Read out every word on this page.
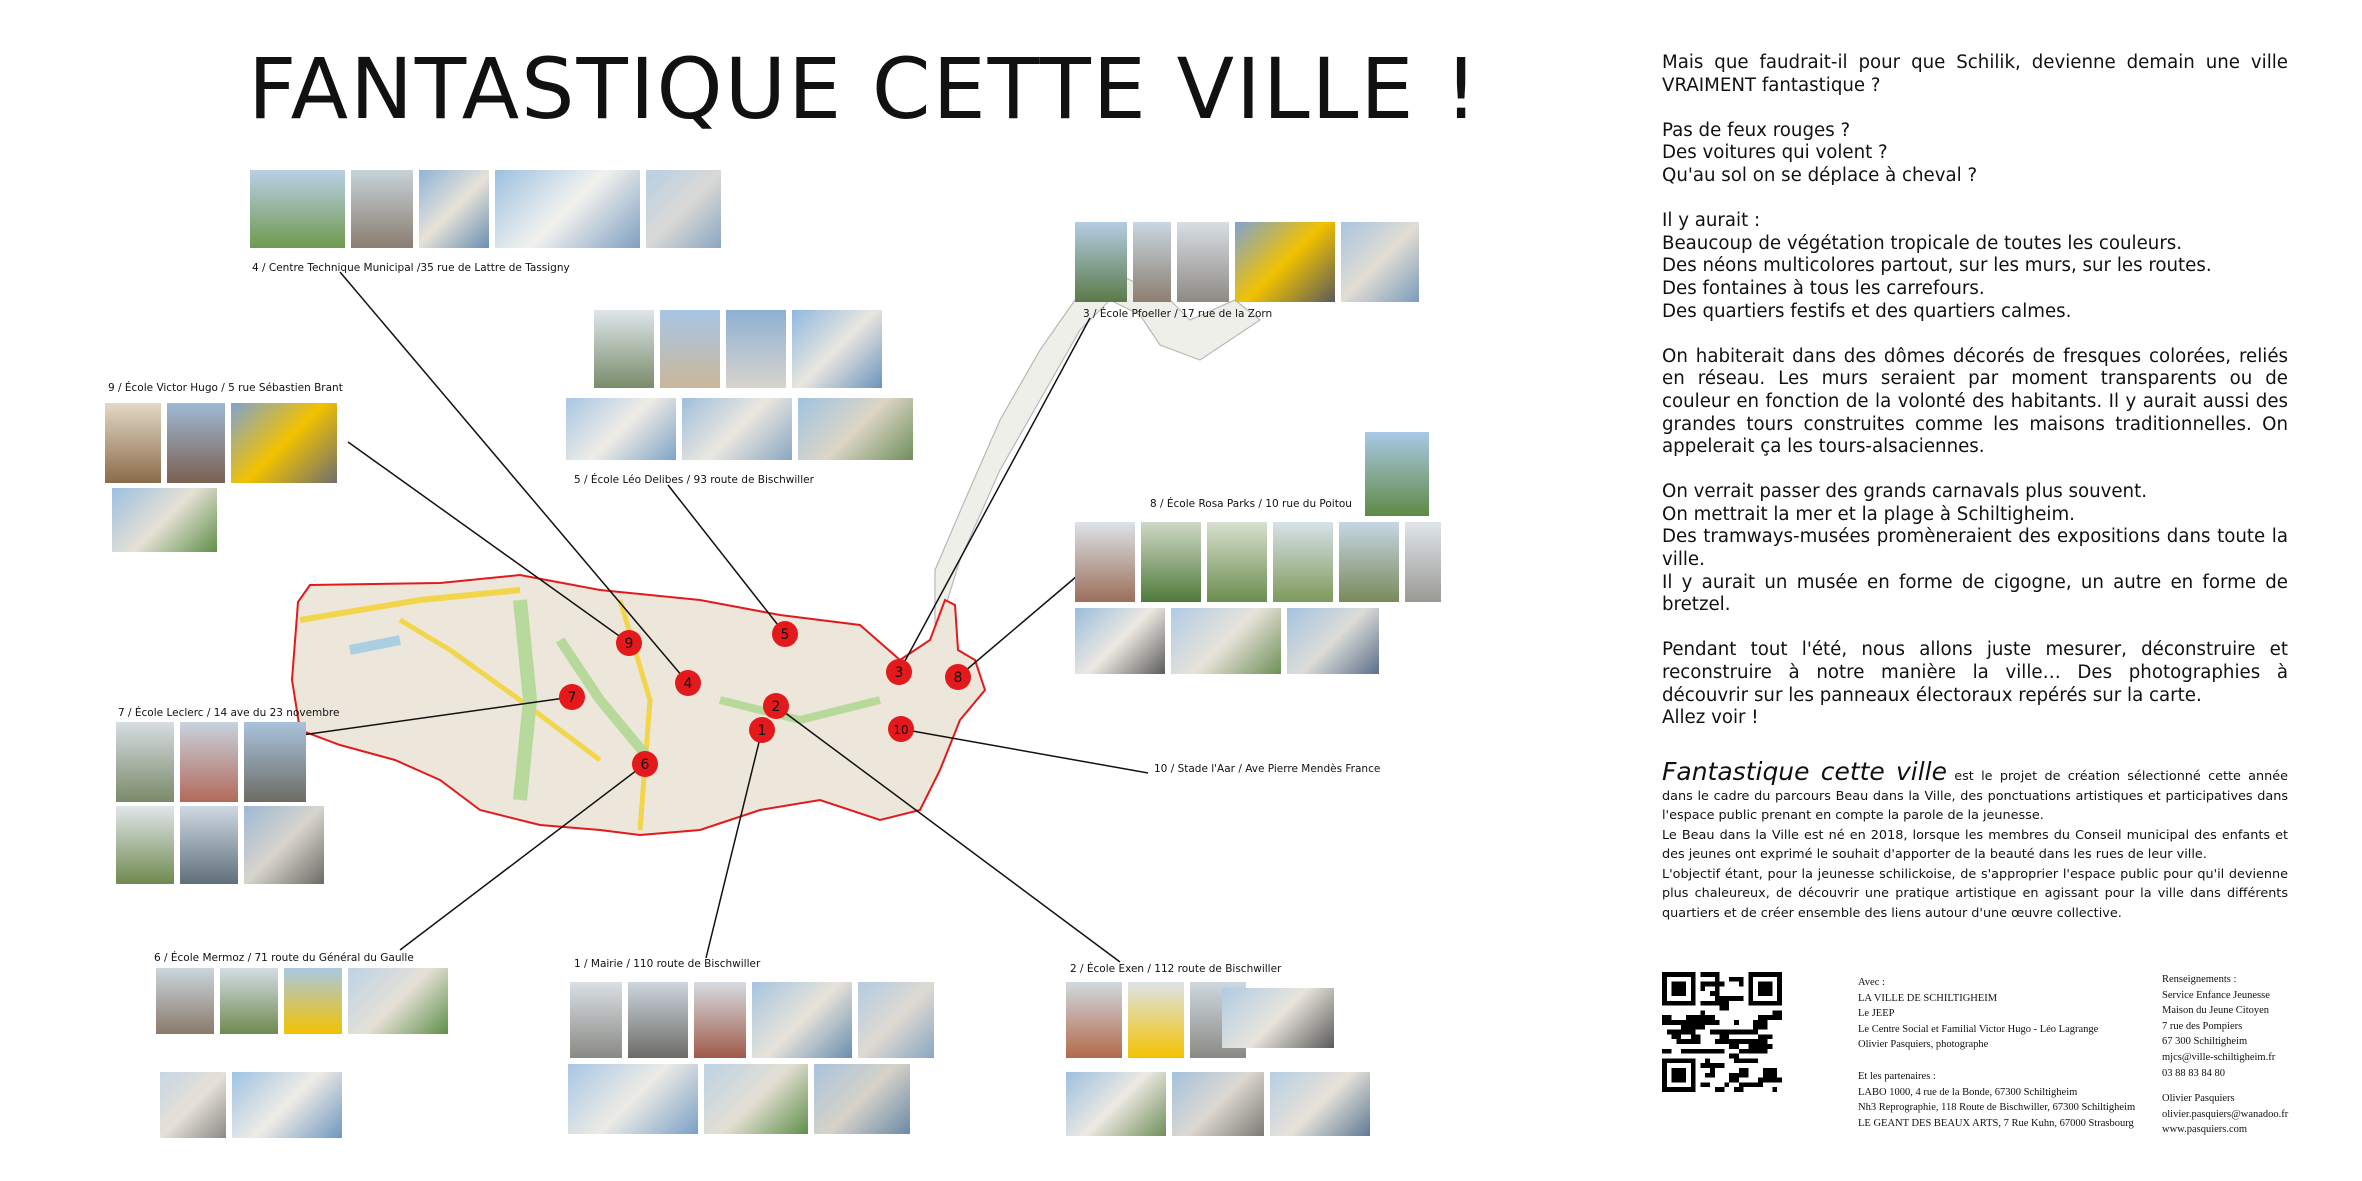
FANTASTIQUE CETTE VILLE !
1
2
3
4
5
6
7
8
9
10
4 / Centre Technique Municipal /35 rue de Lattre de Tassigny
9 / École Victor Hugo / 5 rue Sébastien Brant
5 / École Léo Delibes / 93 route de Bischwiller
3 / École Pfoeller / 17 rue de la Zorn
8 / École Rosa Parks / 10 rue du Poitou
7 / École Leclerc / 14 ave du 23 novembre
10 / Stade l'Aar / Ave Pierre Mendès France
6 / École Mermoz / 71 route du Général du Gaulle	1 / Mairie / 110 route de Bischwiller	2 / École Exen / 112 route de Bischwiller

Mais que faudrait-il pour que Schilik, devienne demain une ville VRAIMENT fantastique ?

Pas de feux rouges ?
Des voitures qui volent ?
Qu'au sol on se déplace à cheval ?

Il y aurait :
Beaucoup de végétation tropicale de toutes les couleurs.
Des néons multicolores partout, sur les murs, sur les routes.
Des fontaines à tous les carrefours.
Des quartiers festifs et des quartiers calmes.

On habiterait dans des dômes décorés de fresques colorées, reliés en réseau. Les murs seraient par moment transparents ou de couleur en fonction de la volonté des habitants. Il y aurait aussi des grandes tours construites comme les maisons traditionnelles. On appelerait ça les tours-alsaciennes.

On verrait passer des grands carnavals plus souvent.
On mettrait la mer et la plage à Schiltigheim.
Des tramways-musées promèneraient des expositions dans toute la ville.
Il y aurait un musée en forme de cigogne, un autre en forme de bretzel.

Pendant tout l'été, nous allons juste mesurer, déconstruire et reconstruire à notre manière la ville… Des photographies à découvrir sur les panneaux électoraux repérés sur la carte.
Allez voir !

Fantastique cette ville est le projet de création sélectionné cette année dans le cadre du parcours Beau dans la Ville, des ponctuations artistiques et participatives dans l'espace public prenant en compte la parole de la jeunesse.

Le Beau dans la Ville est né en 2018, lorsque les membres du Conseil municipal des enfants et des jeunes ont exprimé le souhait d'apporter de la beauté dans les rues de leur ville.

L'objectif étant, pour la jeunesse schilickoise, de s'approprier l'espace public pour qu'il devienne plus chaleureux, de découvrir une pratique artistique en agissant pour la ville dans différents quartiers et de créer ensemble des liens autour d'une œuvre collective.

Avec :
LA VILLE DE SCHILTIGHEIM
Le JEEP
Le Centre Social et Familial Victor Hugo - Léo Lagrange
Olivier Pasquiers, photographe
Et les partenaires :
LABO 1000, 4 rue de la Bonde, 67300 Schiltigheim
Nh3 Reprographie, 118 Route de Bischwiller, 67300 Schiltigheim
LE GEANT DES BEAUX ARTS, 7 Rue Kuhn, 67000 Strasbourg
Renseignements :
Service Enfance Jeunesse
Maison du Jeune Citoyen
7 rue des Pompiers
67 300 Schiltigheim
mjcs@ville-schiltigheim.fr
03 88 83 84 80
Olivier Pasquiers
olivier.pasquiers@wanadoo.fr
www.pasquiers.com
